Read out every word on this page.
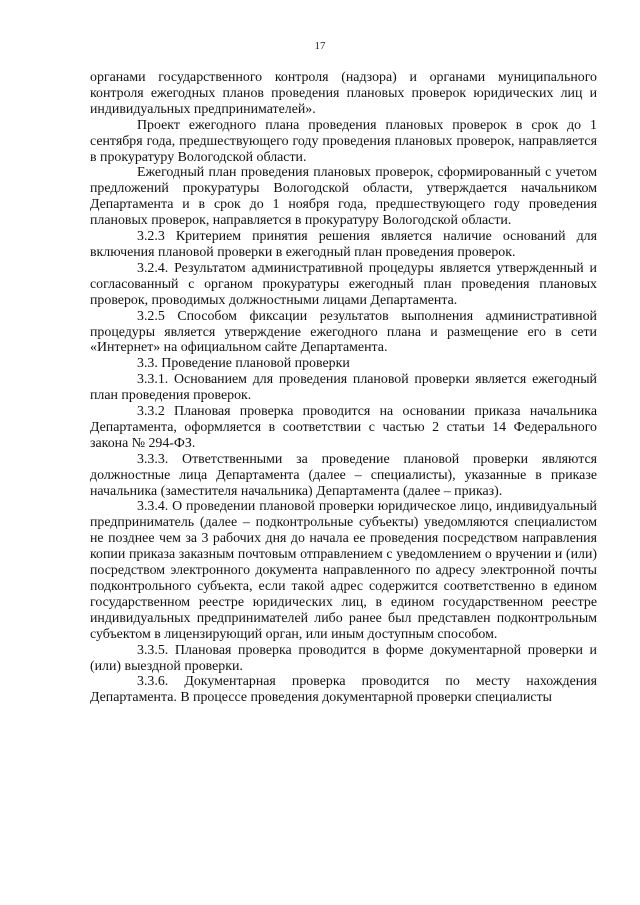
17

органами государственного контроля (надзора) и органами муниципального контроля ежегодных планов проведения плановых проверок юридических лиц и индивидуальных предпринимателей».

Проект ежегодного плана проведения плановых проверок в срок до 1 сентября года, предшествующего году проведения плановых проверок, направляется в прокуратуру Вологодской области.

Ежегодный план проведения плановых проверок, сформированный с учетом предложений прокуратуры Вологодской области, утверждается начальником Департамента и в срок до 1 ноября года, предшествующего году проведения плановых проверок, направляется в прокуратуру Вологодской области.

3.2.3 Критерием принятия решения является наличие оснований для включения плановой проверки в ежегодный план проведения проверок.

3.2.4. Результатом административной процедуры является утвержденный и согласованный с органом прокуратуры ежегодный план проведения плановых проверок, проводимых должностными лицами Департамента.

3.2.5 Способом фиксации результатов выполнения административной процедуры является утверждение ежегодного плана и размещение его в сети «Интернет» на официальном сайте Департамента.

3.3. Проведение плановой проверки

3.3.1. Основанием для проведения плановой проверки является ежегодный план проведения проверок.

3.3.2 Плановая проверка проводится на основании приказа начальника Департамента, оформляется в соответствии с частью 2 статьи 14 Федерального закона № 294-ФЗ.

3.3.3. Ответственными за проведение плановой проверки являются должностные лица Департамента (далее – специалисты), указанные в приказе начальника (заместителя начальника) Департамента (далее – приказ).

3.3.4. О проведении плановой проверки юридическое лицо, индивидуальный предприниматель (далее – подконтрольные субъекты) уведомляются специалистом не позднее чем за 3 рабочих дня до начала ее проведения посредством направления копии приказа заказным почтовым отправлением с уведомлением о вручении и (или) посредством электронного документа направленного по адресу электронной почты подконтрольного субъекта, если такой адрес содержится соответственно в едином государственном реестре юридических лиц, в едином государственном реестре индивидуальных предпринимателей либо ранее был представлен подконтрольным субъектом в лицензирующий орган, или иным доступным способом.

3.3.5. Плановая проверка проводится в форме документарной проверки и (или) выездной проверки.

3.3.6. Документарная проверка проводится по месту нахождения Департамента. В процессе проведения документарной проверки специалисты
